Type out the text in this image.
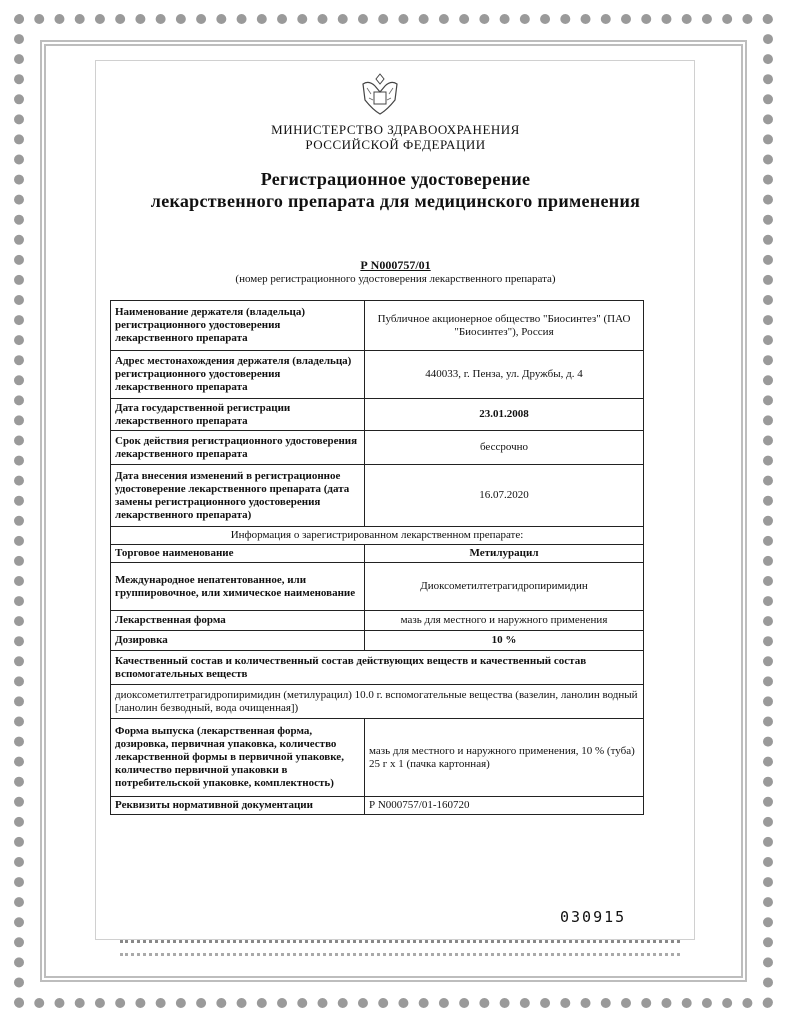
МИНИСТЕРСТВО ЗДРАВООХРАНЕНИЯ
РОССИЙСКОЙ ФЕДЕРАЦИИ
Регистрационное удостоверение
лекарственного препарата для медицинского применения
Р N000757/01
(номер регистрационного удостоверения лекарственного препарата)
Наименование держателя (владельца) регистрационного удостоверения лекарственного препарата	Публичное акционерное общество "Биосинтез" (ПАО "Биосинтез"), Россия
Адрес местонахождения держателя (владельца) регистрационного удостоверения лекарственного препарата	440033, г. Пенза, ул. Дружбы, д. 4
Дата государственной регистрации лекарственного препарата	23.01.2008
Срок действия регистрационного удостоверения лекарственного препарата	бессрочно
Дата внесения изменений в регистрационное удостоверение лекарственного препарата (дата замены регистрационного удостоверения лекарственного препарата)	16.07.2020
Информация о зарегистрированном лекарственном препарате:	
Торговое наименование	Метилурацил
Международное непатентованное, или группировочное, или химическое наименование	Диоксометилтетрагидропиримидин
Лекарственная форма	мазь для местного и наружного применения
Дозировка	10 %
Качественный состав и количественный состав действующих веществ и качественный состав вспомогательных веществ	
диоксометилтетрагидропиримидин (метилурацил) 10.0 г. вспомогательные вещества (вазелин, ланолин водный [ланолин безводный, вода очищенная])	
Форма выпуска (лекарственная форма, дозировка, первичная упаковка, количество лекарственной формы в первичной упаковке, количество первичной упаковки в потребительской упаковке, комплектность)	мазь для местного и наружного применения, 10 % (туба) 25 г x 1 (пачка картонная)
Реквизиты нормативной документации	Р N000757/01-160720
030915
